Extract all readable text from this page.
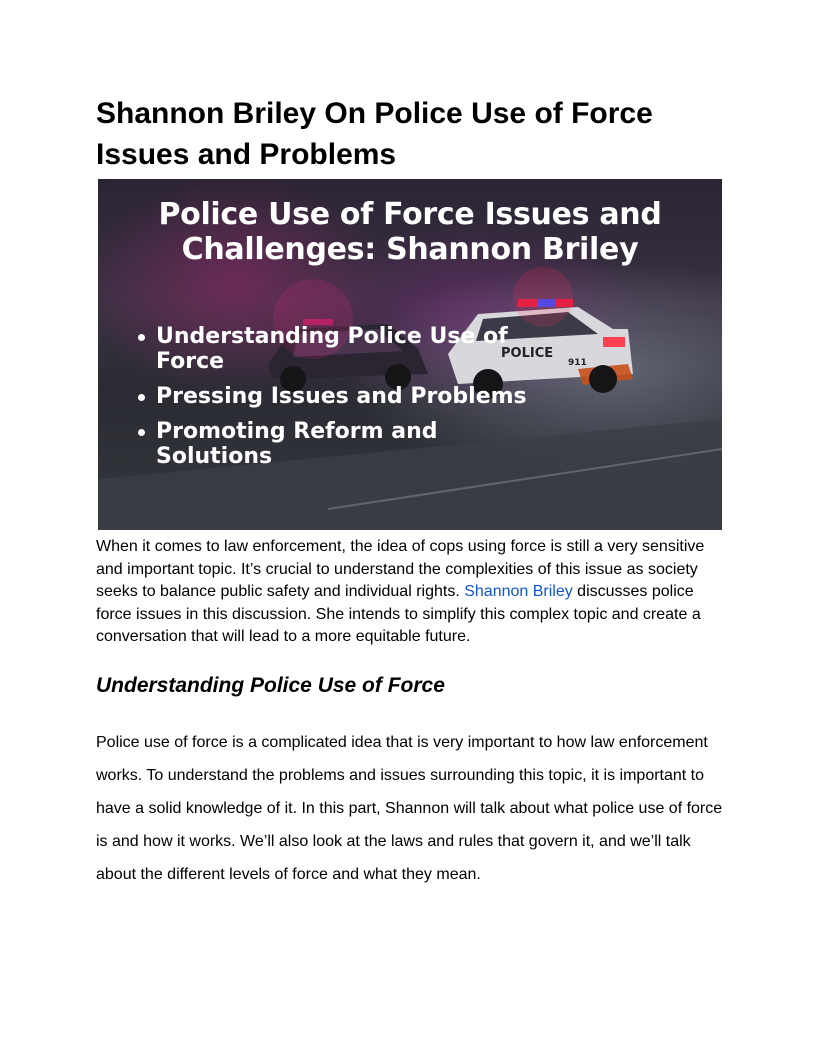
Shannon Briley On Police Use of Force Issues and Problems
POLICE
911
Police Use of Force Issues and Challenges: Shannon Briley
Understanding Police Use of Force
Pressing Issues and Problems
Promoting Reform and Solutions

When it comes to law enforcement, the idea of cops using force is still a very sensitive and important topic. It’s crucial to understand the complexities of this issue as society seeks to balance public safety and individual rights. Shannon Briley discusses police force issues in this discussion. She intends to simplify this complex topic and create a conversation that will lead to a more equitable future.

Understanding Police Use of Force

Police use of force is a complicated idea that is very important to how law enforcement works. To understand the problems and issues surrounding this topic, it is important to have a solid knowledge of it. In this part, Shannon will talk about what police use of force is and how it works. We’ll also look at the laws and rules that govern it, and we’ll talk about the different levels of force and what they mean.
